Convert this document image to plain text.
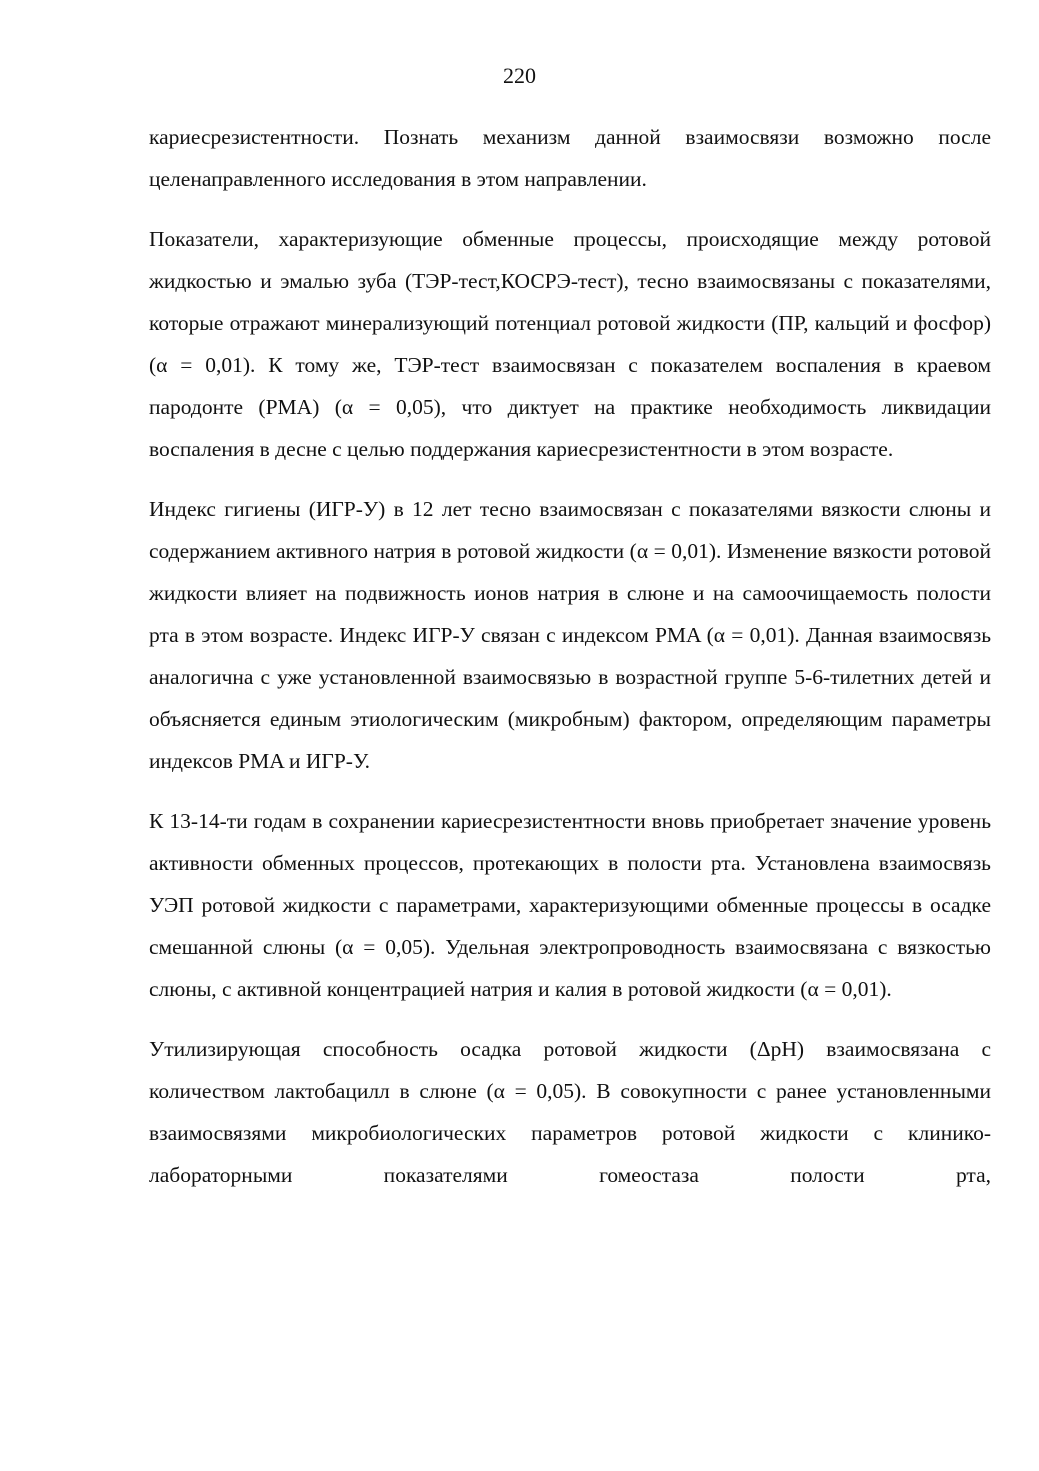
220

кариесрезистентности. Познать механизм данной взаимосвязи возможно после целенаправленного исследования в этом направлении.

Показатели, характеризующие обменные процессы, происходящие между ротовой жидкостью и эмалью зуба (ТЭР-тест,КОСРЭ-тест), тесно взаимосвязаны с показателями, которые отражают минерализующий потенциал ротовой жидкости (ПР, кальций и фосфор) (α = 0,01). К тому же, ТЭР-тест взаимосвязан с показателем воспаления в краевом пародонте (PMA) (α = 0,05), что диктует на практике необходимость ликвидации воспаления в десне с целью поддержания кариесрезистентности в этом возрасте.

Индекс гигиены (ИГР-У) в 12 лет тесно взаимосвязан с показателями вязкости слюны и содержанием активного натрия в ротовой жидкости (α = 0,01). Изменение вязкости ротовой жидкости влияет на подвижность ионов натрия в слюне и на самоочищаемость полости рта в этом возрасте. Индекс ИГР-У связан с индексом PMA (α = 0,01). Данная взаимосвязь аналогична с уже установленной взаимосвязью в возрастной группе 5-6-тилетних детей и объясняется единым этиологическим (микробным) фактором, определяющим параметры индексов PMA и ИГР-У.

К 13-14-ти годам в сохранении кариесрезистентности вновь приобретает значение уровень активности обменных процессов, протекающих в полости рта. Установлена взаимосвязь УЭП ротовой жидкости с параметрами, характеризующими обменные процессы в осадке смешанной слюны (α = 0,05). Удельная электропроводность взаимосвязана с вязкостью слюны, с активной концентрацией натрия и калия в ротовой жидкости (α = 0,01).

Утилизирующая способность осадка ротовой жидкости (ΔpH) взаимосвязана с количеством лактобацилл в слюне (α = 0,05). В совокупности с ранее установленными взаимосвязями микробиологических параметров ротовой жидкости с клинико-лабораторными показателями гомеостаза полости рта,
